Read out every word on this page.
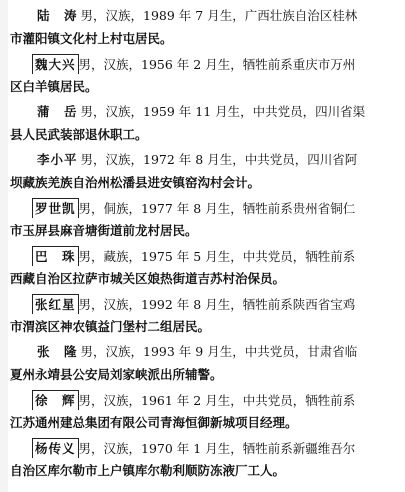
陆　涛 男，汉族，1989 年 7 月生，广西壮族自治区桂林
市灌阳镇文化村上村屯居民。
魏大兴 男，汉族，1956 年 2 月生，牺牲前系重庆市万州
区白羊镇居民。
蒲　岳 男，汉族，1959 年 11 月生，中共党员，四川省渠
县人民武装部退休职工。
李小平 男，汉族，1972 年 8 月生，中共党员，四川省阿
坝藏族羌族自治州松潘县进安镇窑沟村会计。
罗世凯 男，侗族，1977 年 8 月生，牺牲前系贵州省铜仁
市玉屏县麻音塘街道前龙村居民。
巴　珠 男，藏族，1975 年 5 月生，中共党员，牺牲前系
西藏自治区拉萨市城关区娘热街道吉苏村治保员。
张红星 男，汉族，1992 年 8 月生，牺牲前系陕西省宝鸡
市渭滨区神农镇益门堡村二组居民。
张　隆 男，汉族，1993 年 9 月生，中共党员，甘肃省临
夏州永靖县公安局刘家峡派出所辅警。
徐　辉 男，汉族，1961 年 2 月生，中共党员，牺牲前系
江苏通州建总集团有限公司青海恒御新城项目经理。
杨传义 男，汉族，1970 年 1 月生，牺牲前系新疆维吾尔
自治区库尔勒市上户镇库尔勒利顺防冻液厂工人。
